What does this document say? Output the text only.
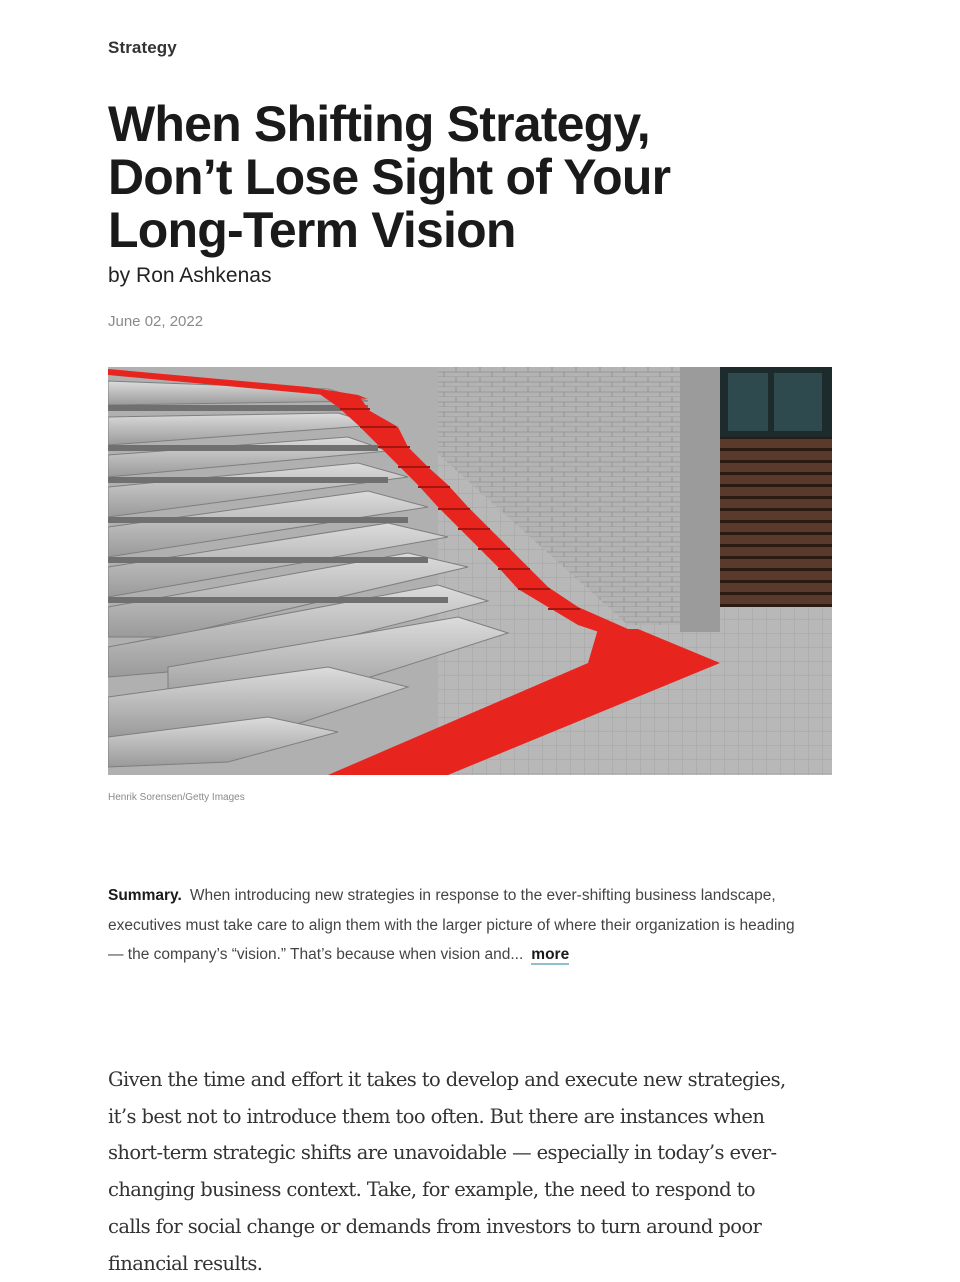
Strategy
When Shifting Strategy,
Don’t Lose Sight of Your
Long-Term Vision
by Ron Ashkenas
June 02, 2022
Henrik Sorensen/Getty Images
Summary. When introducing new strategies in response to the ever-shifting business landscape, executives must take care to align them with the larger picture of where their organization is heading — the company’s “vision.” That’s because when vision and... more

Given the time and effort it takes to develop and execute new strategies,
it’s best not to introduce them too often. But there are instances when
short-term strategic shifts are unavoidable — especially in today’s ever-
changing business context. Take, for example, the need to respond to
calls for social change or demands from investors to turn around poor
financial results.
